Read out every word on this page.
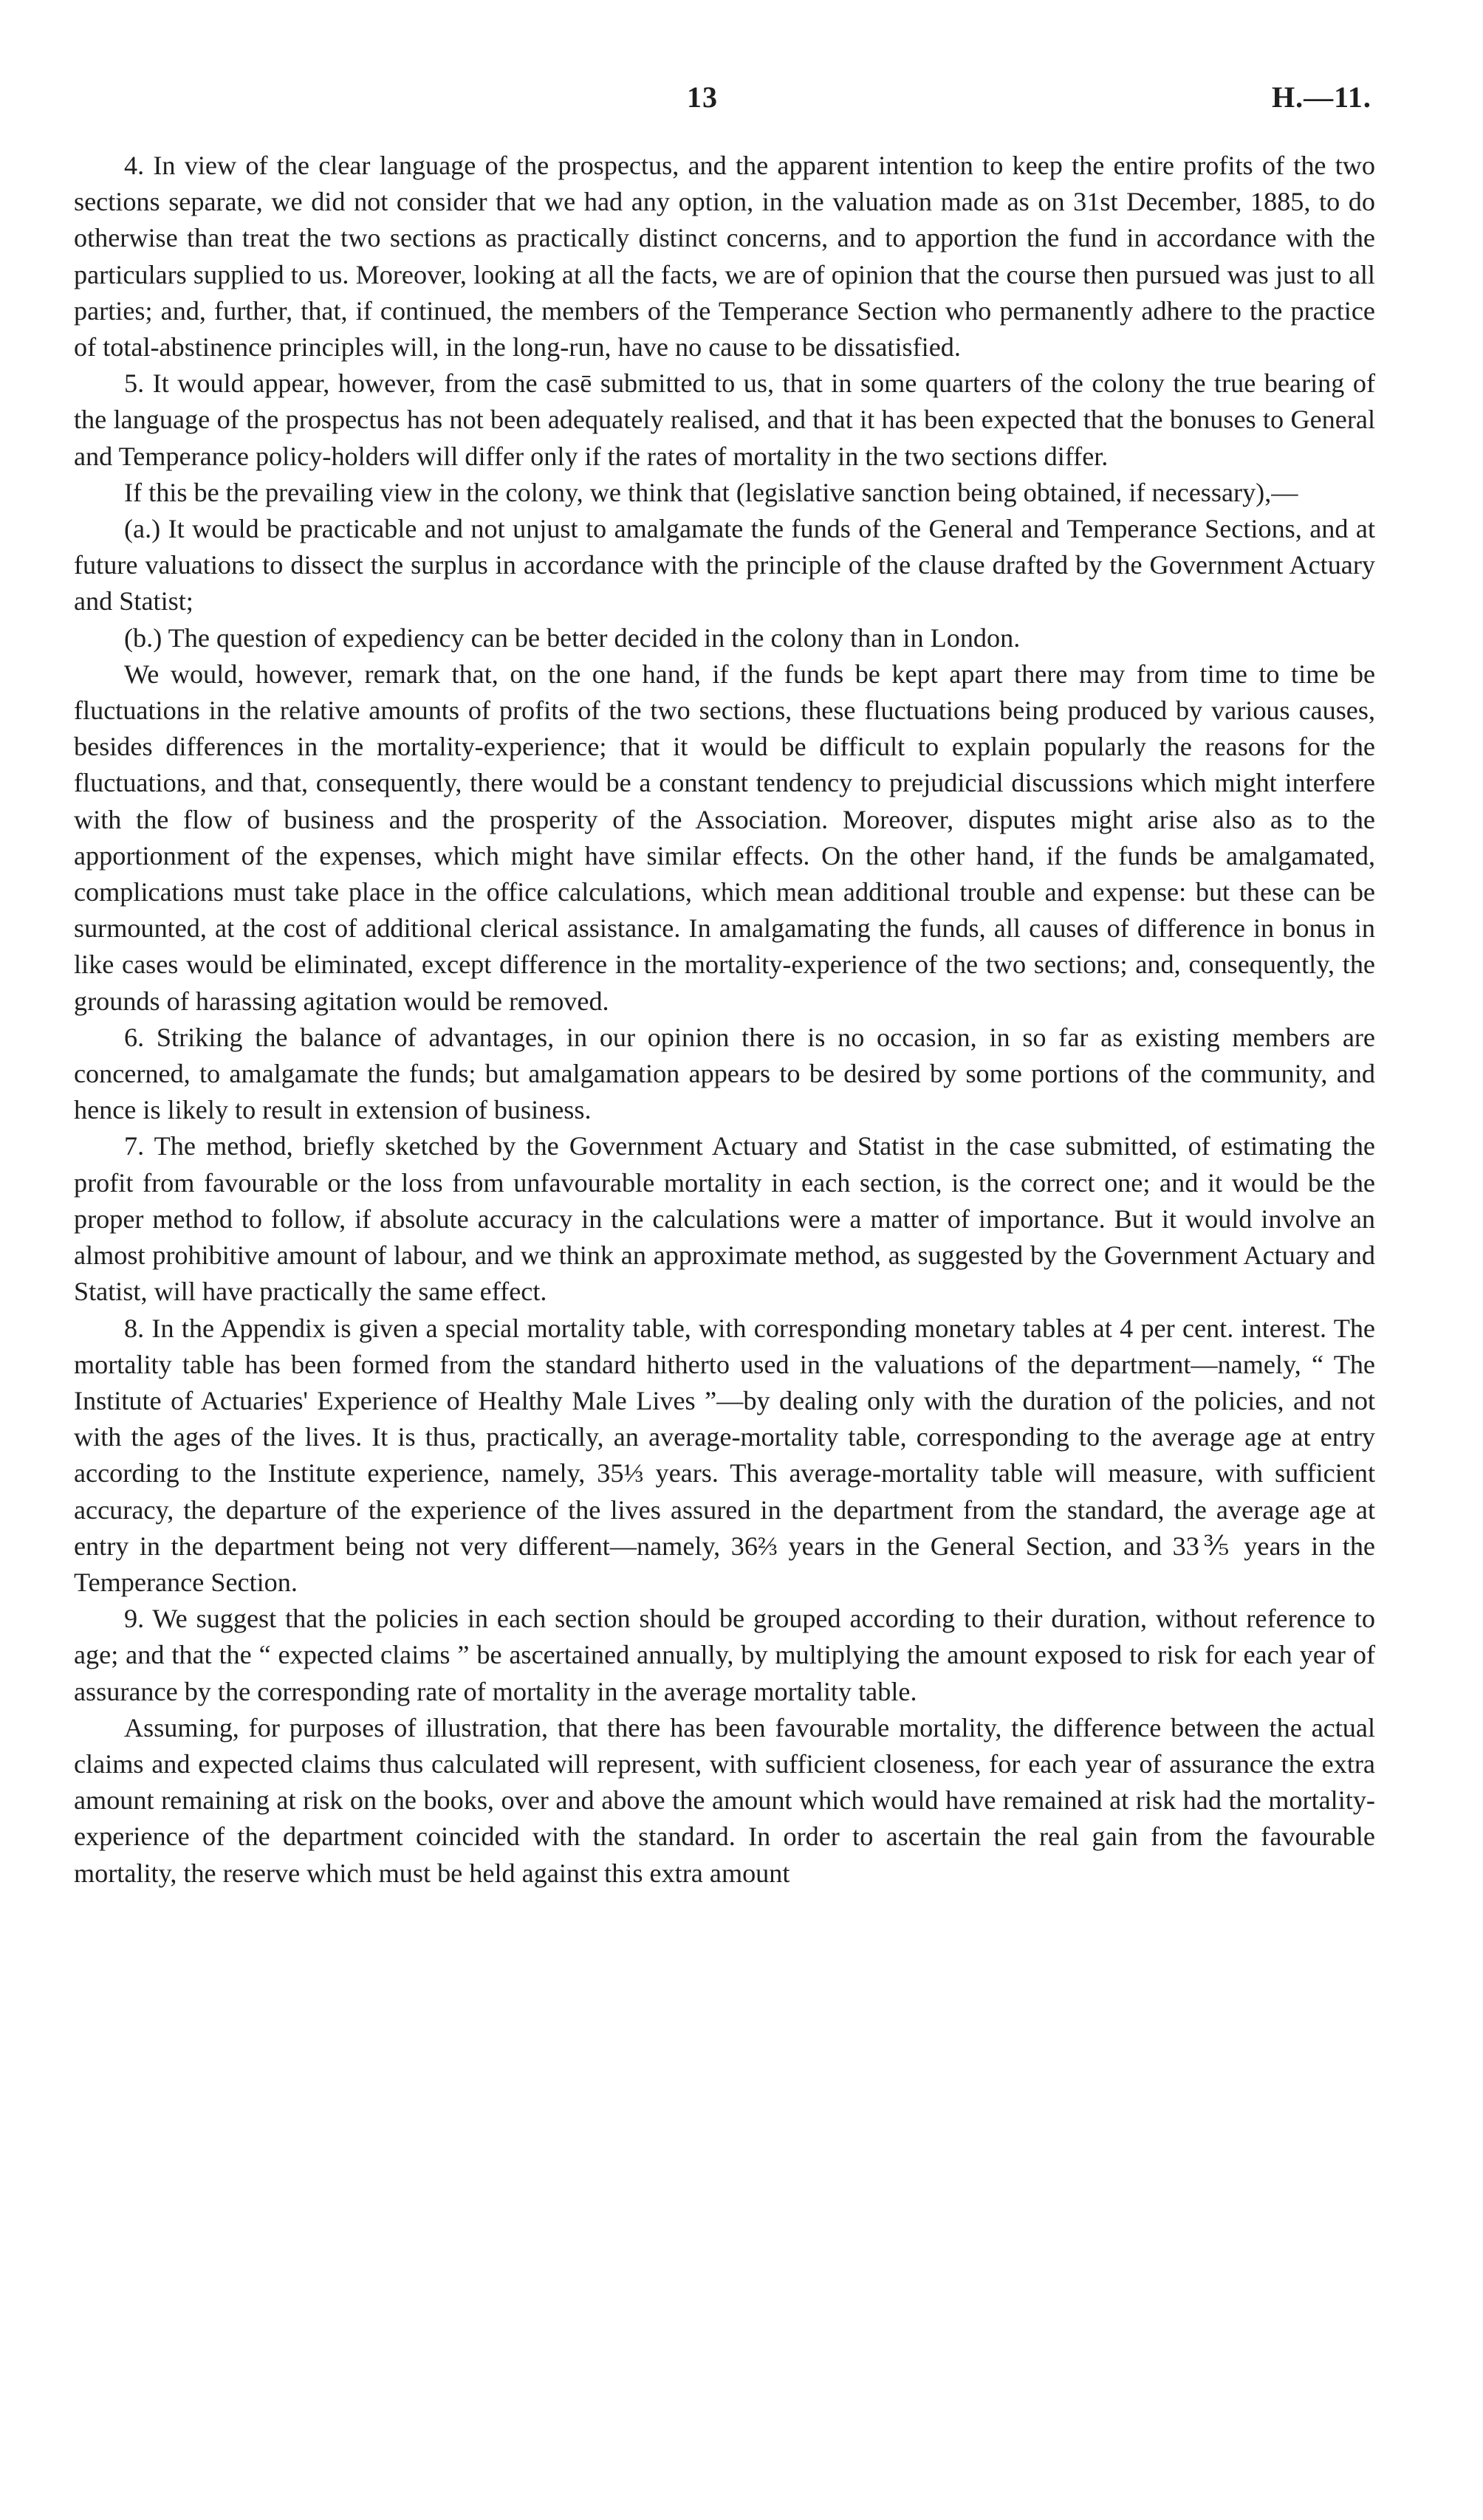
13	H.—11.

4. In view of the clear language of the prospectus, and the apparent intention to keep the entire profits of the two sections separate, we did not consider that we had any option, in the valuation made as on 31st December, 1885, to do otherwise than treat the two sections as practically distinct concerns, and to apportion the fund in accordance with the particulars supplied to us. Moreover, looking at all the facts, we are of opinion that the course then pursued was just to all parties; and, further, that, if continued, the members of the Temperance Section who permanently adhere to the practice of total-abstinence principles will, in the long-run, have no cause to be dissatisfied.

5. It would appear, however, from the casē submitted to us, that in some quarters of the colony the true bearing of the language of the prospectus has not been adequately realised, and that it has been expected that the bonuses to General and Temperance policy-holders will differ only if the rates of mortality in the two sections differ.

If this be the prevailing view in the colony, we think that (legislative sanction being obtained, if necessary),—

(a.) It would be practicable and not unjust to amalgamate the funds of the General and Temperance Sections, and at future valuations to dissect the surplus in accordance with the principle of the clause drafted by the Government Actuary and Statist;

(b.) The question of expediency can be better decided in the colony than in London.

We would, however, remark that, on the one hand, if the funds be kept apart there may from time to time be fluctuations in the relative amounts of profits of the two sections, these fluctuations being produced by various causes, besides differences in the mortality-experience; that it would be difficult to explain popularly the reasons for the fluctuations, and that, consequently, there would be a constant tendency to prejudicial discussions which might interfere with the flow of business and the prosperity of the Association. Moreover, disputes might arise also as to the apportionment of the expenses, which might have similar effects. On the other hand, if the funds be amalgamated, complications must take place in the office calculations, which mean additional trouble and expense: but these can be surmounted, at the cost of additional clerical assistance. In amalgamating the funds, all causes of difference in bonus in like cases would be eliminated, except difference in the mortality-experience of the two sections; and, consequently, the grounds of harassing agitation would be removed.

6. Striking the balance of advantages, in our opinion there is no occasion, in so far as existing members are concerned, to amalgamate the funds; but amalgamation appears to be desired by some portions of the community, and hence is likely to result in extension of business.

7. The method, briefly sketched by the Government Actuary and Statist in the case submitted, of estimating the profit from favourable or the loss from unfavourable mortality in each section, is the correct one; and it would be the proper method to follow, if absolute accuracy in the calculations were a matter of importance. But it would involve an almost prohibitive amount of labour, and we think an approximate method, as suggested by the Government Actuary and Statist, will have practically the same effect.

8. In the Appendix is given a special mortality table, with corresponding monetary tables at 4 per cent. interest. The mortality table has been formed from the standard hitherto used in the valuations of the department—namely, “ The Institute of Actuaries' Experience of Healthy Male Lives ”—by dealing only with the duration of the policies, and not with the ages of the lives. It is thus, practically, an average-mortality table, corresponding to the average age at entry according to the Institute experience, namely, 35⅓ years. This average-mortality table will measure, with sufficient accuracy, the departure of the experience of the lives assured in the department from the standard, the average age at entry in the department being not very different—namely, 36⅔ years in the General Section, and 33⅗ years in the Temperance Section.

9. We suggest that the policies in each section should be grouped according to their duration, without reference to age; and that the “ expected claims ” be ascertained annually, by multiplying the amount exposed to risk for each year of assurance by the corresponding rate of mortality in the average mortality table.

Assuming, for purposes of illustration, that there has been favourable mortality, the difference between the actual claims and expected claims thus calculated will represent, with sufficient closeness, for each year of assurance the extra amount remaining at risk on the books, over and above the amount which would have remained at risk had the mortality-experience of the department coincided with the standard. In order to ascertain the real gain from the favourable mortality, the reserve which must be held against this extra amount
